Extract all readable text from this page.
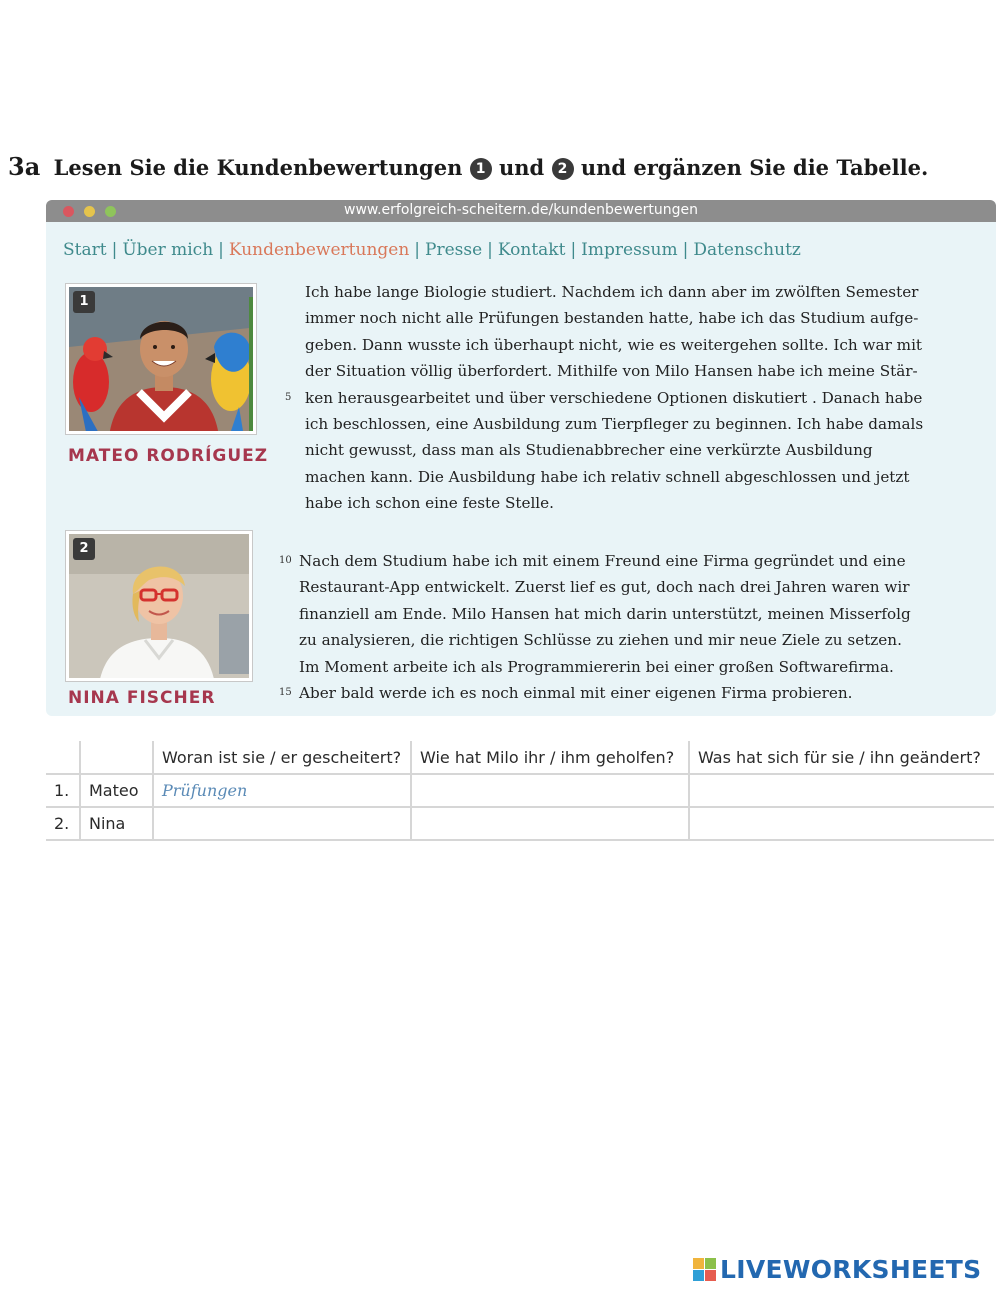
3a Lesen Sie die Kundenbewertungen 1 und 2 und ergänzen Sie die Tabelle.
www.erfolgreich-scheitern.de/kundenbewertungen
Start | Über mich | Kundenbewertungen | Presse | Kontakt | Impressum | Datenschutz
1
MATEO RODRÍGUEZ
Ich habe lange Biologie studiert. Nachdem ich dann aber im zwölften Semester
immer noch nicht alle Prüfungen bestanden hatte, habe ich das Studium aufge-
geben. Dann wusste ich überhaupt nicht, wie es weitergehen sollte. Ich war mit
der Situation völlig überfordert. Mithilfe von Milo Hansen habe ich meine Stär-
5 ken herausgearbeitet und über verschiedene Optionen diskutiert . Danach habe
ich beschlossen, eine Ausbildung zum Tierpfleger zu beginnen. Ich habe damals
nicht gewusst, dass man als Studienabbrecher eine verkürzte Ausbildung
machen kann. Die Ausbildung habe ich relativ schnell abgeschlossen und jetzt
habe ich schon eine feste Stelle.
2
NINA FISCHER
10 Nach dem Studium habe ich mit einem Freund eine Firma gegründet und eine
Restaurant-App entwickelt. Zuerst lief es gut, doch nach drei Jahren waren wir
finanziell am Ende. Milo Hansen hat mich darin unterstützt, meinen Misserfolg
zu analysieren, die richtigen Schlüsse zu ziehen und mir neue Ziele zu setzen.
Im Moment arbeite ich als Programmiererin bei einer großen Softwarefirma.
15 Aber bald werde ich es noch einmal mit einer eigenen Firma probieren.
		Woran ist sie / er gescheitert?	Wie hat Milo ihr / ihm geholfen?	Was hat sich für sie / ihn geändert?
1.	Mateo	Prüfungen		
2.	Nina			
LIVEWORKSHEETS
